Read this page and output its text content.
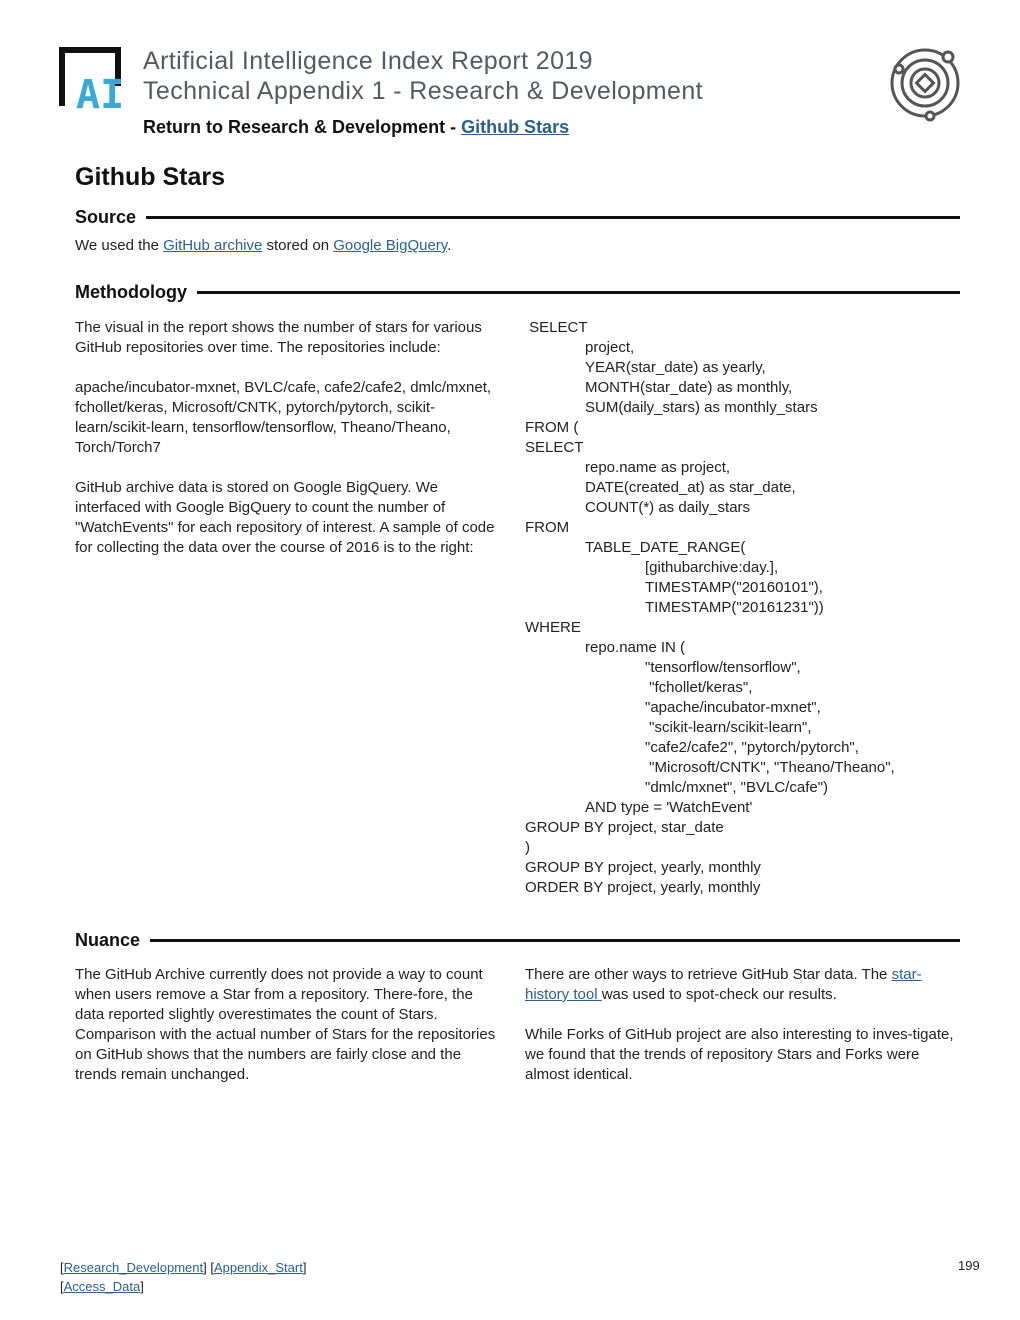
AI
Artificial Intelligence Index Report 2019
Technical Appendix 1 - Research & Development
Return to Research & Development - Github Stars
Github Stars
Source
We used the GitHub archive stored on Google BigQuery.
Methodology

The visual in the report shows the number of stars for various GitHub repositories over time. The repositories include:

apache/incubator-mxnet, BVLC/cafe, cafe2/cafe2, dmlc/mxnet, fchollet/keras, Microsoft/CNTK, pytorch/pytorch, scikit-learn/scikit-learn, tensorflow/tensorflow, Theano/Theano, Torch/Torch7

GitHub archive data is stored on Google BigQuery. We interfaced with Google BigQuery to count the number of "WatchEvents" for each repository of interest. A sample of code for collecting the data over the course of 2016 is to the right:

SELECT
project,
YEAR(star_date) as yearly,
MONTH(star_date) as monthly,
SUM(daily_stars) as monthly_stars
FROM (
SELECT
repo.name as project,
DATE(created_at) as star_date,
COUNT(*) as daily_stars
FROM
TABLE_DATE_RANGE(
[githubarchive:day.],
TIMESTAMP("20160101"),
TIMESTAMP("20161231"))
WHERE
repo.name IN (
"tensorflow/tensorflow",
"fchollet/keras",
"apache/incubator-mxnet",
"scikit-learn/scikit-learn",
"cafe2/cafe2", "pytorch/pytorch",
"Microsoft/CNTK", "Theano/Theano",
"dmlc/mxnet", "BVLC/cafe")
AND type = 'WatchEvent'
GROUP BY project, star_date
)
GROUP BY project, yearly, monthly
ORDER BY project, yearly, monthly
Nuance

The GitHub Archive currently does not provide a way to count when users remove a Star from a repository. There-fore, the data reported slightly overestimates the count of Stars. Comparison with the actual number of Stars for the repositories on GitHub shows that the numbers are fairly close and the trends remain unchanged.

There are other ways to retrieve GitHub Star data. The star-history tool was used to spot-check our results.

While Forks of GitHub project are also interesting to inves-tigate, we found that the trends of repository Stars and Forks were almost identical.

[Research_Development] [Appendix_Start]
[Access_Data]
199
